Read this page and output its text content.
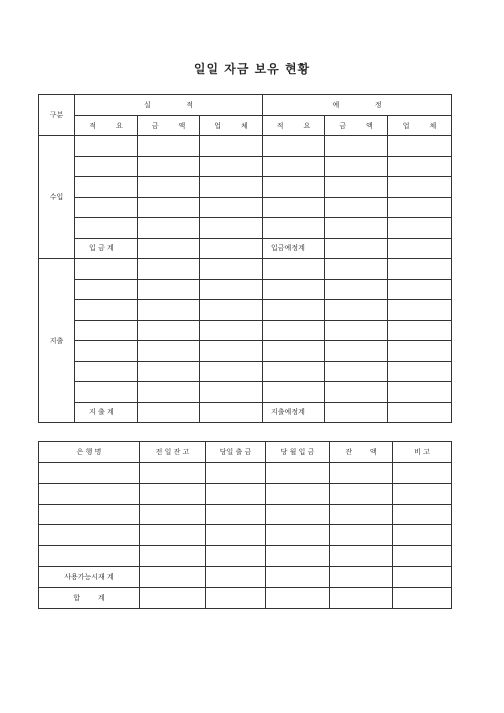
일일 자금 보유 현황
구분	실                적			예                정		
	적         요	금         액	업         체	적         요	금         액	업         체
수입						

	입 금 계			입금예정계		
지출						

	지 출 계			지출예정계		
은 행 명	전 일 잔 고	당일 출 금	당 월 입 금	잔        액	비 고

사용가능시재 계					
합        계					
